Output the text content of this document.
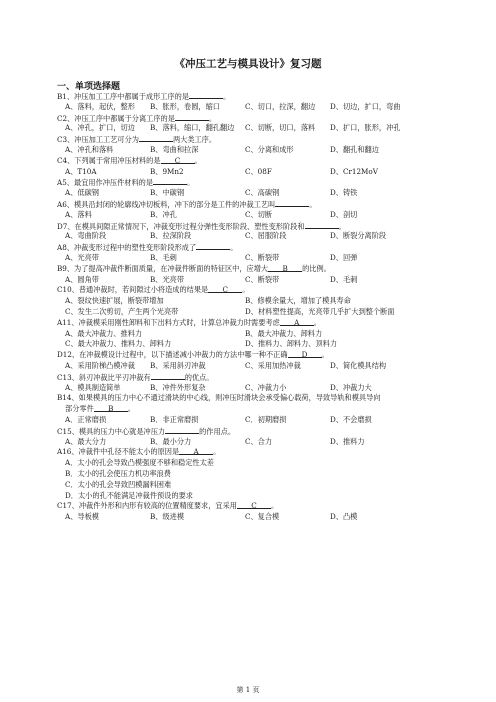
《冲压工艺与模具设计》复习题
一、单项选择题
B1、冲压加工工序中都属于成形工序的是	。
A、落料，起伏，整形 B、胀形，卷圆，缩口	C、切口，拉深，翻边 D、切边，扩口，弯曲
C2、冲压工序中都属于分离工序的是	。
A、冲孔，扩口，切边 B、落料，缩口，翻孔翻边 C、切断，切口，落料 D、扩口，胀形，冲孔
C3、冲压加工工艺可分为	两大类工序。
A、冲孔和落料	B、弯曲和拉深	C、分离和成形	D、翻孔和翻边
C4、下列属于常用冲压材料的是 C 。
A、T10A	B、9Mn2	C、08F	D、Cr12MoV
A5、最宜用作冲压件材料的是	。
A、低碳钢	B、中碳钢	C、高碳钢	D、铸铁
A6、模具沿封闭的轮廓线冲切板料，冲下的部分是工件的冲裁工艺叫	。
A、落料	B、冲孔	C、切断	D、剖切
D7、在模具间隙正常情况下，冲裁变形过程分弹性变形阶段、塑性变形阶段和	。
A、弯曲阶段	B、拉深阶段	C、屈服阶段	D、断裂分离阶段
A8、冲裁变形过程中的塑性变形阶段形成了	。
A、光亮带	B、毛刺	C、断裂带	D、回弹
B9、为了提高冲裁件断面质量，在冲裁件断面的特征区中，应增大 B 的比例。
A、圆角带	B、光亮带	C、断裂带	D、毛刺
C10、普通冲裁时，若间隙过小将造成的结果是 C 。
A、裂纹快速扩展，断裂带增加	B、修模余量大，增加了模具寿命
C、发生二次剪切，产生两个光亮带	D、材料塑性提高，光亮带几乎扩大到整个断面
A11、冲裁模采用刚性卸料和下出料方式时，计算总冲裁力时需要考虑 A 。
A、最大冲裁力、推料力	B、最大冲裁力、卸料力
C、最大冲裁力、推料力、卸料力	D、推料力、卸料力、顶料力
D12、在冲裁模设计过程中，以下描述减小冲裁力的方法中哪一种不正确 D 。
A、采用阶梯凸模冲裁 B、采用斜刃冲裁	C、采用加热冲裁	D、简化模具结构
C13、斜刃冲裁比平刃冲裁有	的优点。
A、模具制造简单	B、冲件外形复杂	C、冲裁力小	D、冲裁力大
B14、如果模具的压力中心不通过滑块的中心线，则冲压时滑块会承受偏心载荷，导致导轨和模具导向
部分零件 B 。
A．正常磨损	B．非正常磨损	C．初期磨损	D、不会磨损
C15、模具的压力中心就是冲压力	的作用点。
A、最大分力	B、最小分力	C、合力	D、推料力
A16、冲裁件中孔径不能太小的原因是 A 。
A．太小的孔会导致凸模强度不够和稳定性太差
B．太小的孔会使压力机功率浪费
C．太小的孔会导致凹模漏料困难
D．太小的孔不能满足冲裁件预设的要求
C17、冲裁件外形和内形有较高的位置精度要求，宜采用 C 。
A、导板模	B、级进模	C、复合模	D、凸模
第 1 页
